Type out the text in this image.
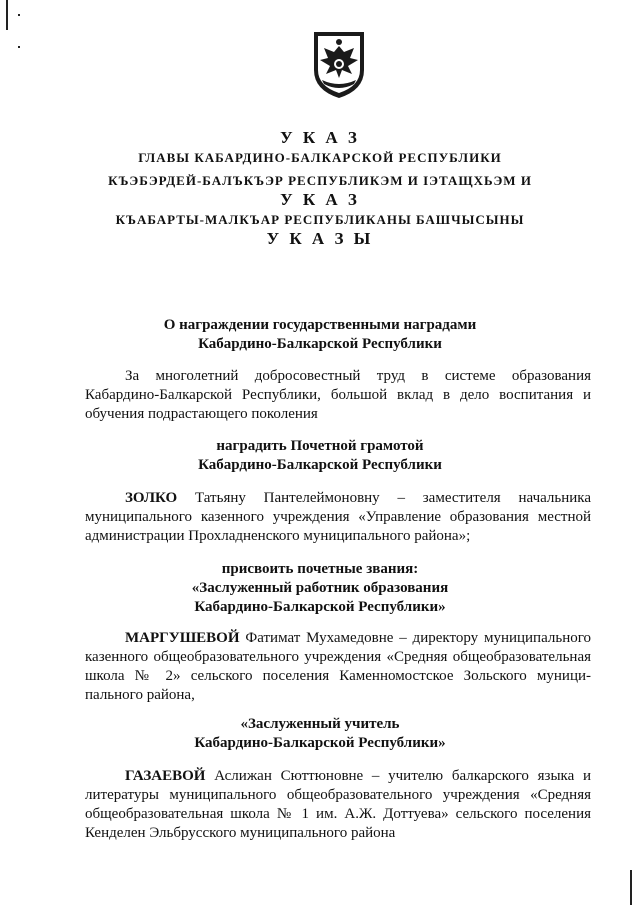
У К А З
ГЛАВЫ КАБАРДИНО-БАЛКАРСКОЙ РЕСПУБЛИКИ
КЪЭБЭРДЕЙ-БАЛЪКЪЭР РЕСПУБЛИКЭМ И IЭТАЩХЬЭМ И
У К А З
КЪАБАРТЫ-МАЛКЪАР РЕСПУБЛИКАНЫ БАШЧЫСЫНЫ
У К А З Ы
О награждении государственными наградами
Кабардино-Балкарской Республики
За многолетний добросовестный труд в системе образования
Кабардино-Балкарской Республики, большой вклад в дело воспитания и
обучения подрастающего поколения
наградить Почетной грамотой
Кабардино-Балкарской Республики
ЗОЛКО Татьяну Пантелеймоновну – заместителя начальника
муниципального казенного учреждения «Управление образования местной
администрации Прохладненского муниципального района»;
присвоить почетные звания:
«Заслуженный работник образования
Кабардино-Балкарской Республики»
МАРГУШЕВОЙ Фатимат Мухамедовне – директору муниципального
казенного общеобразовательного учреждения «Средняя общеобразовательная
школа № 2» сельского поселения Каменномостское Зольского муници-
пального района,
«Заслуженный учитель
Кабардино-Балкарской Республики»
ГАЗАЕВОЙ Аслижан Сюттюновне – учителю балкарского языка и
литературы муниципального общеобразовательного учреждения «Средняя
общеобразовательная школа № 1 им. А.Ж. Доттуева» сельского поселения
Кенделен Эльбрусского муниципального района
